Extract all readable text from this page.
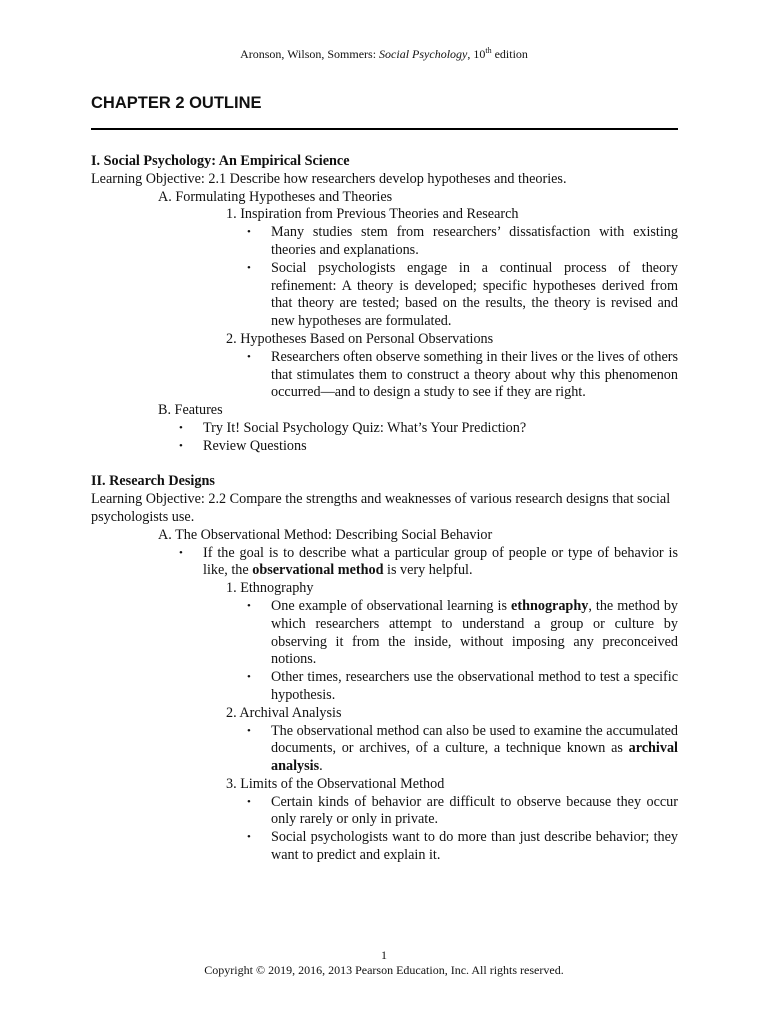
Aronson, Wilson, Sommers: Social Psychology, 10th edition
CHAPTER 2 OUTLINE

I. Social Psychology: An Empirical Science

Learning Objective: 2.1 Describe how researchers develop hypotheses and theories.

A. Formulating Hypotheses and Theories

1. Inspiration from Previous Theories and Research

• Many studies stem from researchers’ dissatisfaction with existing theories and explanations.
• Social psychologists engage in a continual process of theory refinement: A theory is developed; specific hypotheses derived from that theory are tested; based on the results, the theory is revised and new hypotheses are formulated.

2. Hypotheses Based on Personal Observations

• Researchers often observe something in their lives or the lives of others that stimulates them to construct a theory about why this phenomenon occurred—and to design a study to see if they are right.

B. Features

• Try It! Social Psychology Quiz: What’s Your Prediction?
• Review Questions

II. Research Designs

Learning Objective: 2.2 Compare the strengths and weaknesses of various research designs that social psychologists use.

A. The Observational Method: Describing Social Behavior

• If the goal is to describe what a particular group of people or type of behavior is like, the observational method is very helpful.

1. Ethnography

• One example of observational learning is ethnography, the method by which researchers attempt to understand a group or culture by observing it from the inside, without imposing any preconceived notions.
• Other times, researchers use the observational method to test a specific hypothesis.

2. Archival Analysis

• The observational method can also be used to examine the accumulated documents, or archives, of a culture, a technique known as archival analysis.

3. Limits of the Observational Method

• Certain kinds of behavior are difficult to observe because they occur only rarely or only in private.
• Social psychologists want to do more than just describe behavior; they want to predict and explain it.
1
Copyright © 2019, 2016, 2013 Pearson Education, Inc. All rights reserved.
